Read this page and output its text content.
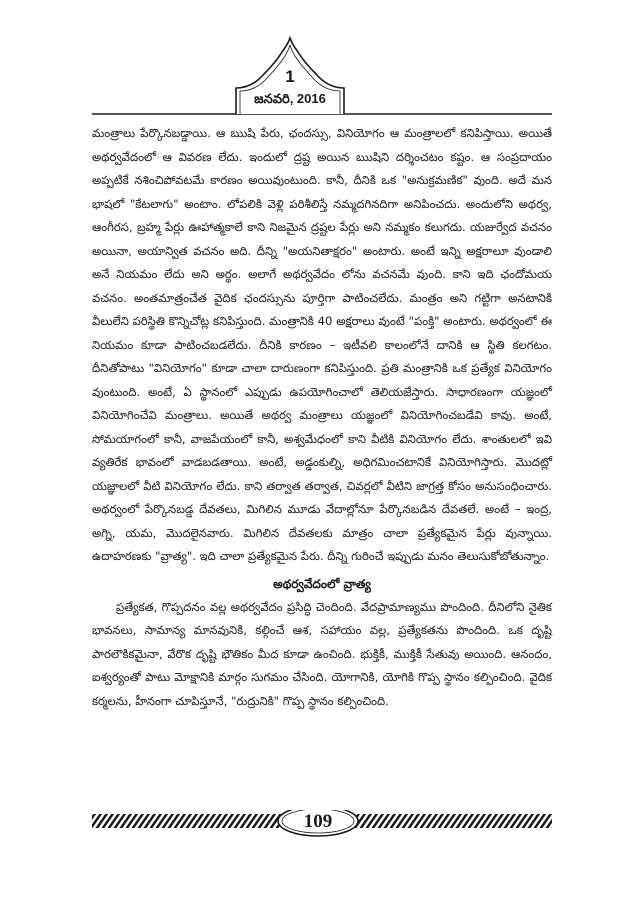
1
జనవరి, 2016

మంత్రాలు పేర్కొనబడ్డాయి. ఆ ఋషి పేరు, ఛందస్సు, వినియోగం ఆ మంత్రాలలో కనిపిస్తాయి. అయితే అథర్వవేదంలో ఆ వివరణ లేదు. ఇందులో ద్రష్ట అయిన ఋషిని దర్శించటం కష్టం. ఆ సంప్రదాయం అప్పటికే నశించిపోవటమే కారణం అయివుంటుంది. కానీ, దీనికి ఒక "అనుక్రమణిక" వుంది. అదే మన భాషలో "కేటలాగు" అంటాం. లోపలికి వెళ్లి పరిశీలిస్తే నమ్మదగినదిగా అనిపించదు. అందులోని అథర్వ, ఆంగీరస, బ్రహ్మ పేర్లు ఊహాత్మకాలే కాని నిజమైన ద్రష్టల పేర్లు అని నమ్మకం కలుగదు. యజుర్వేద వచనం అయినా, అయాన్విత వచనం అది. దీన్ని "అయనితాక్షరం" అంటారు. అంటే ఇన్ని అక్షరాలూ వుండాలి అనే నియమం లేదు అని అర్థం. అలాగే అథర్వవేదం లోను వచనమే వుంది. కాని ఇది ఛందోమయ వచనం. అంతమాత్రంచేత వైదిక ఛందస్సును పూర్తిగా పాటించలేదు. మంత్రం అని గట్టిగా అనటానికి వీలులేని పరిస్థితి కొన్నిచోట్ల కనిపిస్తుంది. మంత్రానికి 40 అక్షరాలు వుంటే "పంక్తి" అంటారు. అథర్వంలో ఈ నియమం కూడా పాటించబడలేదు. దీనికి కారణం – ఇటీవలి కాలంలోనే దానికి ఆ స్థితి కలగటం. దీనితోపాటు "వినియోగం" కూడా చాలా దారుణంగా కనిపిస్తుంది. ప్రతి మంత్రానికి ఒక ప్రత్యేక వినియోగం వుంటుంది. అంటే, ఏ స్థానంలో ఎప్పుడు ఉపయోగించాలో తెలియజేస్తారు. సాధారణంగా యజ్ఞంలో వినియోగించేవి మంత్రాలు. అయితే అథర్వ మంత్రాలు యజ్ఞంలో వినియోగించబడేవి కావు. అంటే, సోమయాగంలో కానీ, వాజపేయంలో కానీ, అశ్వమేధంలో కాని వీటికి వినియోగం లేదు. శాంతులలో ఇవి వ్యతిరేక భావంలో వాడబడతాయి. అంటే, అడ్డంకుల్ని, అధిగమించటానికే వినియోగిస్తారు. మొదట్లో యజ్ఞాలలో వీటి వినియోగం లేదు. కాని తర్వాత తర్వాత, చివర్లలో వీటిని జాగ్రత్త కోసం అనుసంధించారు. అథర్వంలో పేర్కొనబడ్డ దేవతలు, మిగిలిన మూడు వేదాల్లోనూ పేర్కొనబడిన దేవతలే. అంటే – ఇంద్ర, అగ్ని, యమ, మొదలైనవారు. మిగిలిన దేవతలకు మాత్రం చాలా ప్రత్యేకమైన పేర్లు వున్నాయి. ఉదాహరణకు "వ్రాత్య". ఇది చాలా ప్రత్యేకమైన పేరు. దీన్ని గురించే ఇప్పుడు మనం తెలుసుకోబోతున్నాం.

అథర్వవేదంలో వ్రాత్య

ప్రత్యేకత, గొప్పదనం వల్ల అథర్వవేదం ప్రసిద్ధి చెందింది. వేదప్రామాణ్యము పొందింది. దీనిలోని నైతిక భావనలు, సామాన్య మానవునికి, కల్గించే ఆశ, సహాయం వల్ల, ప్రత్యేకతను పొందింది. ఒక దృష్టి పారలౌకికమైనా, వేరొక దృష్టి భౌతికం మీద కూడా ఉంచింది. భుక్తికీ, ముక్తికీ సేతువు అయింది. ఆనందం, ఐశ్వర్యంతో పాటు మోక్షానికి మార్గం సుగమం చేసింది. యోగానికి, యోగికి గొప్ప స్థానం కల్పించింది. వైదిక కర్మలను, హీనంగా చూపిస్తూనే, "రుద్రునికి" గొప్ప స్థానం కల్పించింది.

109
